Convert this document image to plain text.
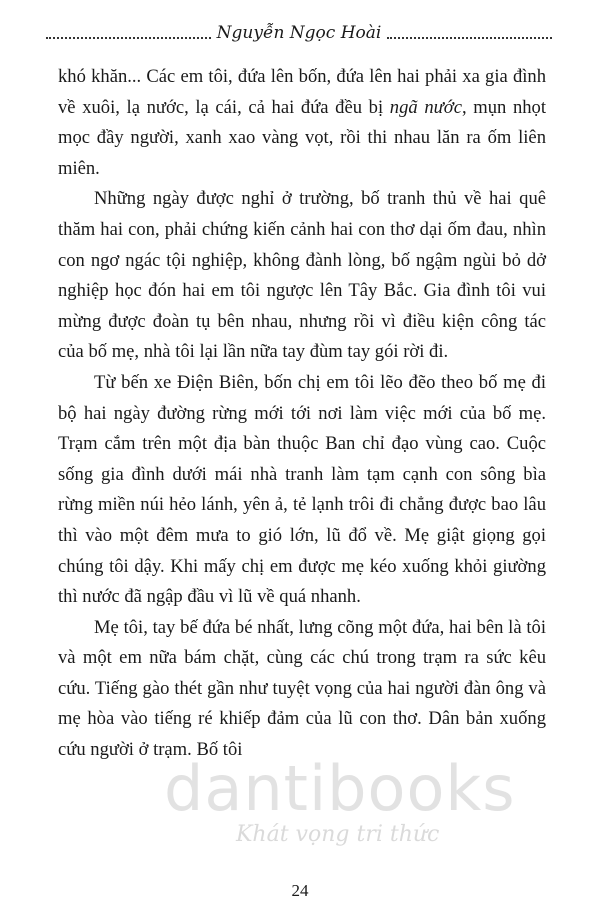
Nguyễn Ngọc Hoài

khó khăn... Các em tôi, đứa lên bốn, đứa lên hai phải xa gia đình về xuôi, lạ nước, lạ cái, cả hai đứa đều bị ngã nước, mụn nhọt mọc đầy người, xanh xao vàng vọt, rồi thi nhau lăn ra ốm liên miên.

Những ngày được nghỉ ở trường, bố tranh thủ về hai quê thăm hai con, phải chứng kiến cảnh hai con thơ dại ốm đau, nhìn con ngơ ngác tội nghiệp, không đành lòng, bố ngậm ngùi bỏ dở nghiệp học đón hai em tôi ngược lên Tây Bắc. Gia đình tôi vui mừng được đoàn tụ bên nhau, nhưng rồi vì điều kiện công tác của bố mẹ, nhà tôi lại lần nữa tay đùm tay gói rời đi.

Từ bến xe Điện Biên, bốn chị em tôi lẽo đẽo theo bố mẹ đi bộ hai ngày đường rừng mới tới nơi làm việc mới của bố mẹ. Trạm cắm trên một địa bàn thuộc Ban chỉ đạo vùng cao. Cuộc sống gia đình dưới mái nhà tranh làm tạm cạnh con sông bìa rừng miền núi hẻo lánh, yên ả, tẻ lạnh trôi đi chẳng được bao lâu thì vào một đêm mưa to gió lớn, lũ đổ về. Mẹ giật giọng gọi chúng tôi dậy. Khi mấy chị em được mẹ kéo xuống khỏi giường thì nước đã ngập đầu vì lũ về quá nhanh.

Mẹ tôi, tay bế đứa bé nhất, lưng cõng một đứa, hai bên là tôi và một em nữa bám chặt, cùng các chú trong trạm ra sức kêu cứu. Tiếng gào thét gần như tuyệt vọng của hai người đàn ông và mẹ hòa vào tiếng ré khiếp đảm của lũ con thơ. Dân bản xuống cứu người ở trạm. Bố tôi

dantibooks
Khát vọng tri thức
24
